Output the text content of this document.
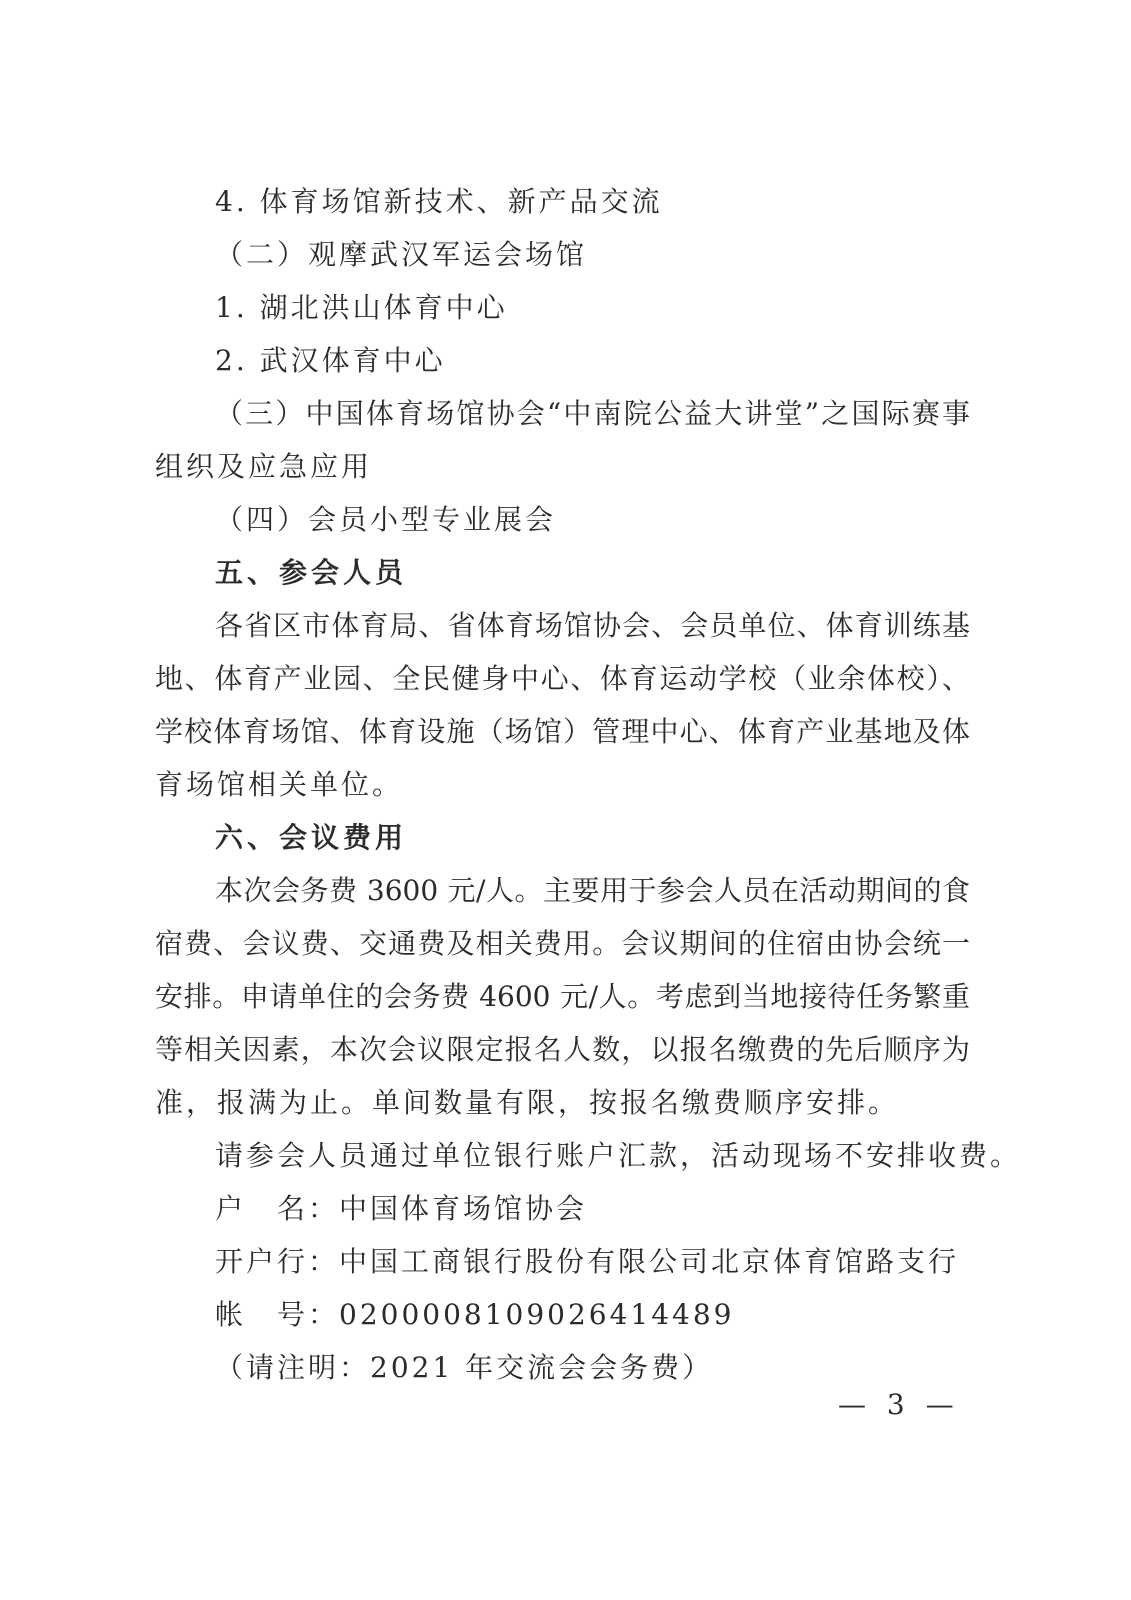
4. 体育场馆新技术、新产品交流
（二）观摩武汉军运会场馆
1. 湖北洪山体育中心
2. 武汉体育中心
（三）中国体育场馆协会“中南院公益大讲堂”之国际赛事
组织及应急应用
（四）会员小型专业展会
五、参会人员
各省区市体育局、省体育场馆协会、会员单位、体育训练基
地、体育产业园、全民健身中心、体育运动学校（业余体校）、
学校体育场馆、体育设施（场馆）管理中心、体育产业基地及体
育场馆相关单位。
六、会议费用
本次会务费 3600 元/人。主要用于参会人员在活动期间的食
宿费、会议费、交通费及相关费用。会议期间的住宿由协会统一
安排。申请单住的会务费 4600 元/人。考虑到当地接待任务繁重
等相关因素，本次会议限定报名人数，以报名缴费的先后顺序为
准，报满为止。单间数量有限，按报名缴费顺序安排。
请参会人员通过单位银行账户汇款，活动现场不安排收费。
户　名：中国体育场馆协会
开户行：中国工商银行股份有限公司北京体育馆路支行
帐　号：0200008109026414489
（请注明：2021 年交流会会务费）
— 3 —
